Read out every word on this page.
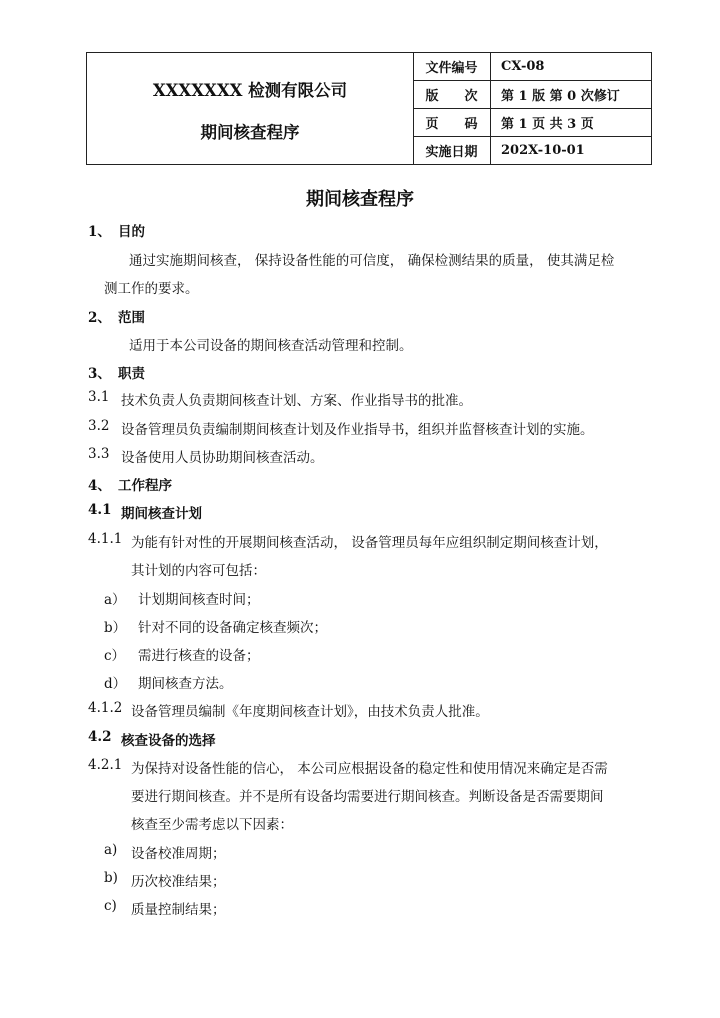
XXXXXXX 检测有限公司
期间核查程序
文件编号	CX-08
版　　次	第 1 版 第 0 次修订
页　　码	第 1 页 共 3 页
实施日期	202X-10-01
期间核查程序
1、 目的
通过实施期间核查， 保持设备性能的可信度， 确保检测结果的质量， 使其满足检
测工作的要求。
2、 范围
适用于本公司设备的期间核查活动管理和控制。
3、 职责
3.1 技术负责人负责期间核查计划、方案、作业指导书的批准。
3.2 设备管理员负责编制期间核查计划及作业指导书，组织并监督核查计划的实施。
3.3 设备使用人员协助期间核查活动。
4、 工作程序
4.1 期间核查计划
4.1.1 为能有针对性的开展期间核查活动， 设备管理员每年应组织制定期间核查计划，
其计划的内容可包括：
a） 计划期间核查时间；
b） 针对不同的设备确定核查频次；
c） 需进行核查的设备；
d） 期间核查方法。
4.1.2 设备管理员编制《年度期间核查计划》，由技术负责人批准。
4.2 核查设备的选择
4.2.1 为保持对设备性能的信心， 本公司应根据设备的稳定性和使用情况来确定是否需
要进行期间核查。并不是所有设备均需要进行期间核查。判断设备是否需要期间
核查至少需考虑以下因素：
a) 设备校准周期；
b) 历次校准结果；
c) 质量控制结果；
